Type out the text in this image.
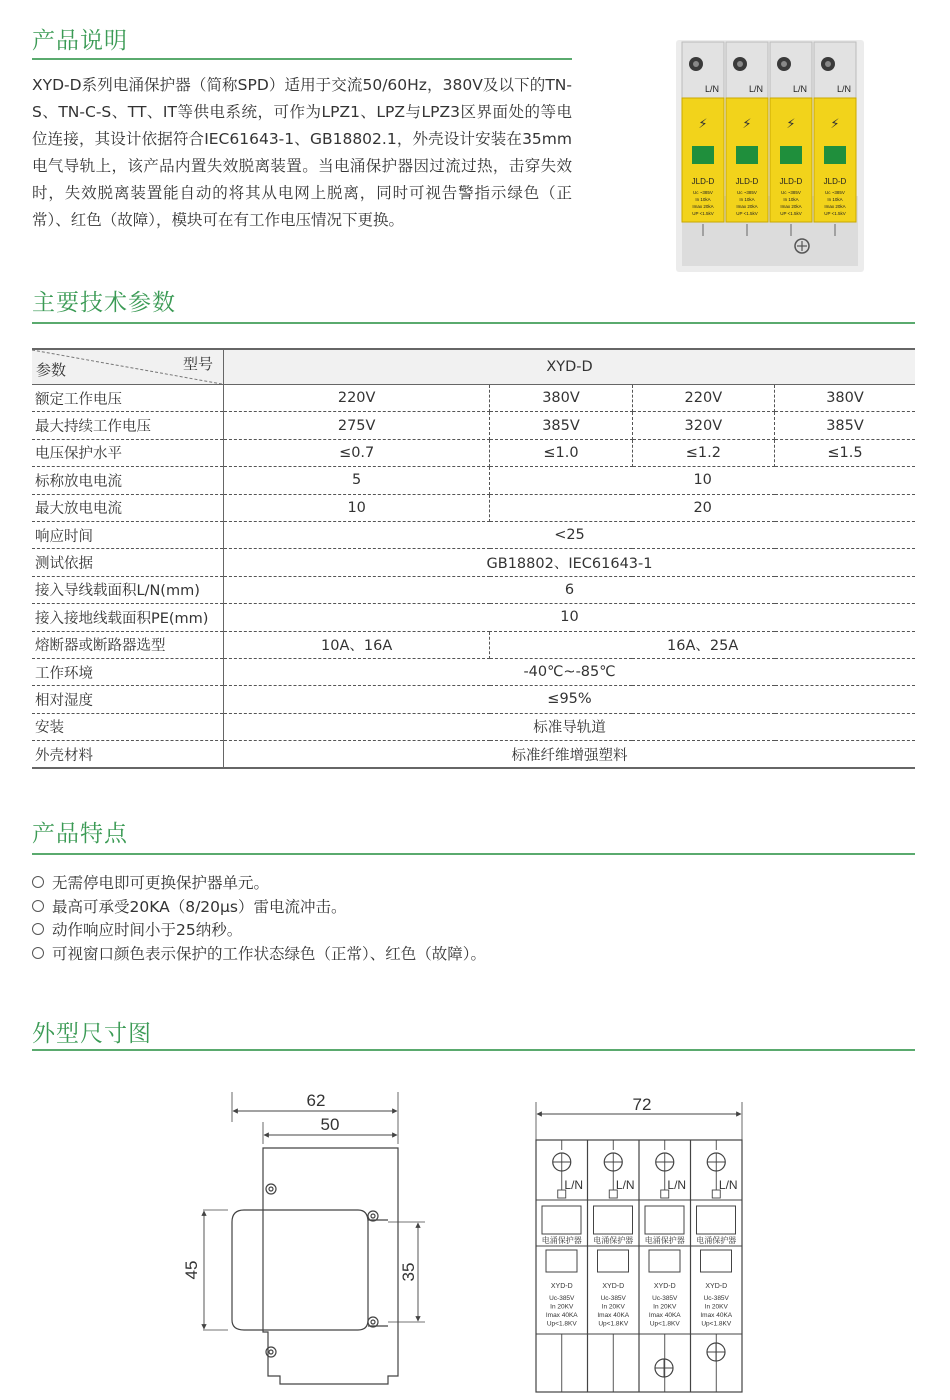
产品说明

XYD-D系列电涌保护器（简称SPD）适用于交流50/60Hz，380V及以下的TN-S、TN-C-S、TT、IT等供电系统，可作为LPZ1、LPZ与LPZ3区界面处的等电位连接，其设计依据符合IEC61643-1、GB18802.1，外壳设计安装在35mm电气导轨上，该产品内置失效脱离装置。当电涌保护器因过流过热，击穿失效时，失效脱离装置能自动的将其从电网上脱离，同时可视告警指示绿色（正常）、红色（故障），模块可在有工作电压情况下更换。

L/N
⚡
JLD-D
Uc ~385V
In 10kA
Imax 20kA
UP <1.5kV
L/N
⚡
JLD-D
Uc ~385V
In 10kA
Imax 20kA
UP <1.5kV
L/N
⚡
JLD-D
Uc ~385V
In 10kA
Imax 20kA
UP <1.5kV
L/N
⚡
JLD-D
Uc ~385V
In 10kA
Imax 20kA
UP <1.5kV
主要技术参数
参数 型号	XYD-D			
额定工作电压	220V	380V	220V	380V
最大持续工作电压	275V	385V	320V	385V
电压保护水平	≤0.7	≤1.0	≤1.2	≤1.5
标称放电电流	5	10		
最大放电电流	10	20		
响应时间	<25			
测试依据	GB18802、IEC61643-1			
接入导线载面积L/N(mm)	6			
接入接地线载面积PE(mm)	10			
熔断器或断路器选型	10A、16A	16A、25A		
工作环境	-40℃~-85℃			
相对湿度	≤95%			
安装	标准导轨道			
外壳材料	标准纤维增强塑料			
产品特点
无需停电即可更换保护器单元。
最高可承受20KA（8/20μs）雷电流冲击。
动作响应时间小于25纳秒。
可视窗口颜色表示保护的工作状态绿色（正常）、红色（故障）。
外型尺寸图
62
50
45	35
72
L/N
电涌保护器
XYD-D
Uc-385V
In 20KV
Imax 40KA
Up<1.8KV
L/N
电涌保护器
XYD-D
Uc-385V
In 20KV
Imax 40KA
Up<1.8KV
L/N
电涌保护器
XYD-D
Uc-385V
In 20KV
Imax 40KA
Up<1.8KV
L/N
电涌保护器
XYD-D
Uc-385V
In 20KV
Imax 40KA
Up<1.8KV
